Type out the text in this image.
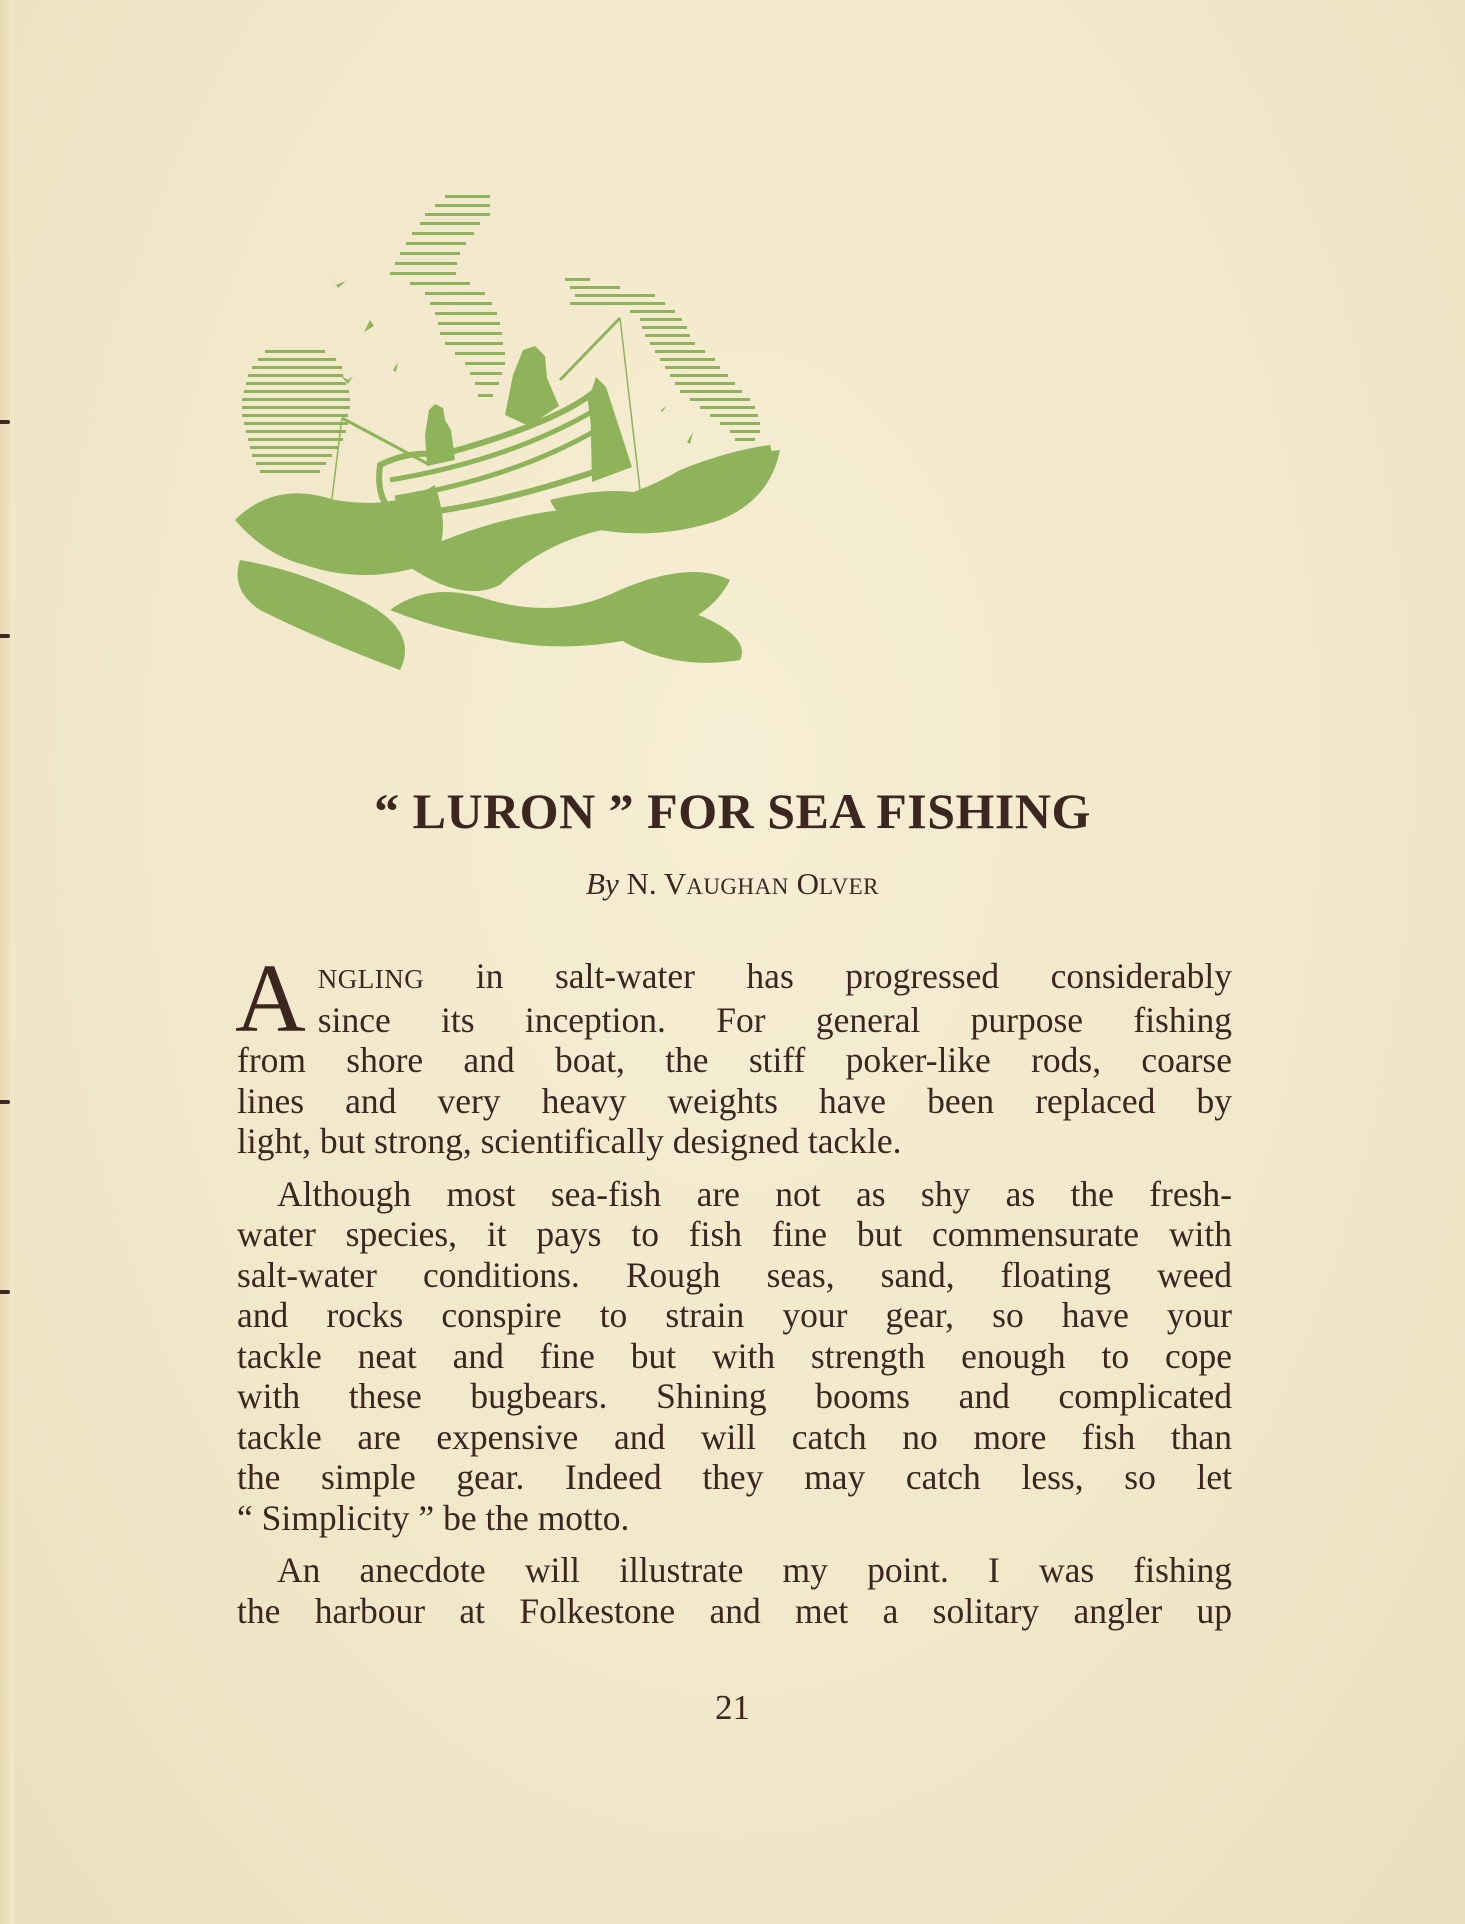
“ LURON ” FOR SEA FISHING
By N. VAUGHAN OLVER
A NGLING in salt-water has progressed considerably
since its inception. For general purpose fishing
from shore and boat, the stiff poker-like rods, coarse
lines and very heavy weights have been replaced by
light, but strong, scientifically designed tackle.
Although most sea-fish are not as shy as the fresh-
water species, it pays to fish fine but commensurate with
salt-water conditions. Rough seas, sand, floating weed
and rocks conspire to strain your gear, so have your
tackle neat and fine but with strength enough to cope
with these bugbears. Shining booms and complicated
tackle are expensive and will catch no more fish than
the simple gear. Indeed they may catch less, so let
“ Simplicity ” be the motto.
An anecdote will illustrate my point. I was fishing
the harbour at Folkestone and met a solitary angler up
21
